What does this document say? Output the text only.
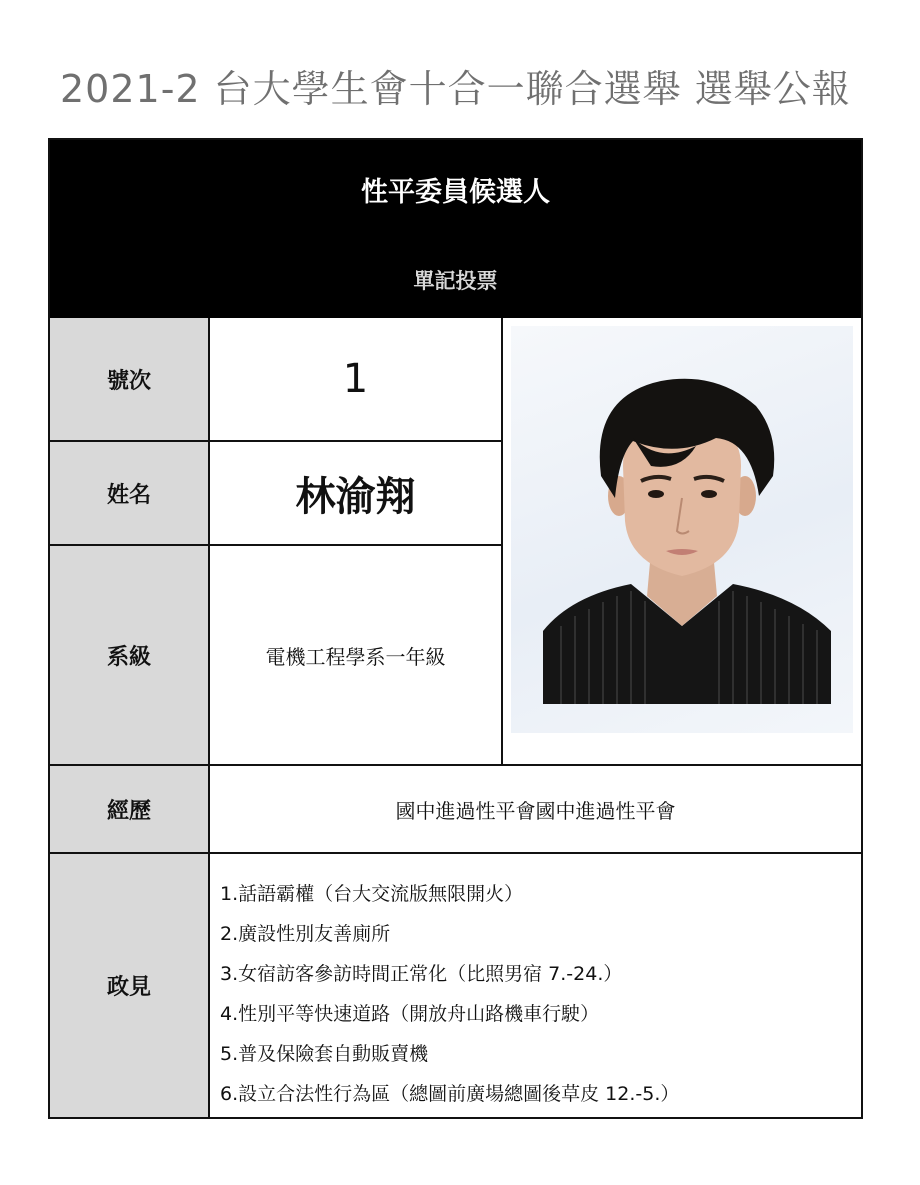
2021-2 台大學生會十合一聯合選舉 選舉公報
性平委員候選人
單記投票
號次	1
姓名	林渝翔
系級	電機工程學系一年級
經歷	國中進過性平會國中進過性平會
政見
1.話語霸權（台大交流版無限開火）
2.廣設性別友善廁所
3.女宿訪客參訪時間正常化（比照男宿 7.-24.）
4.性別平等快速道路（開放舟山路機車行駛）
5.普及保險套自動販賣機
6.設立合法性行為區（總圖前廣場總圖後草皮 12.-5.）
